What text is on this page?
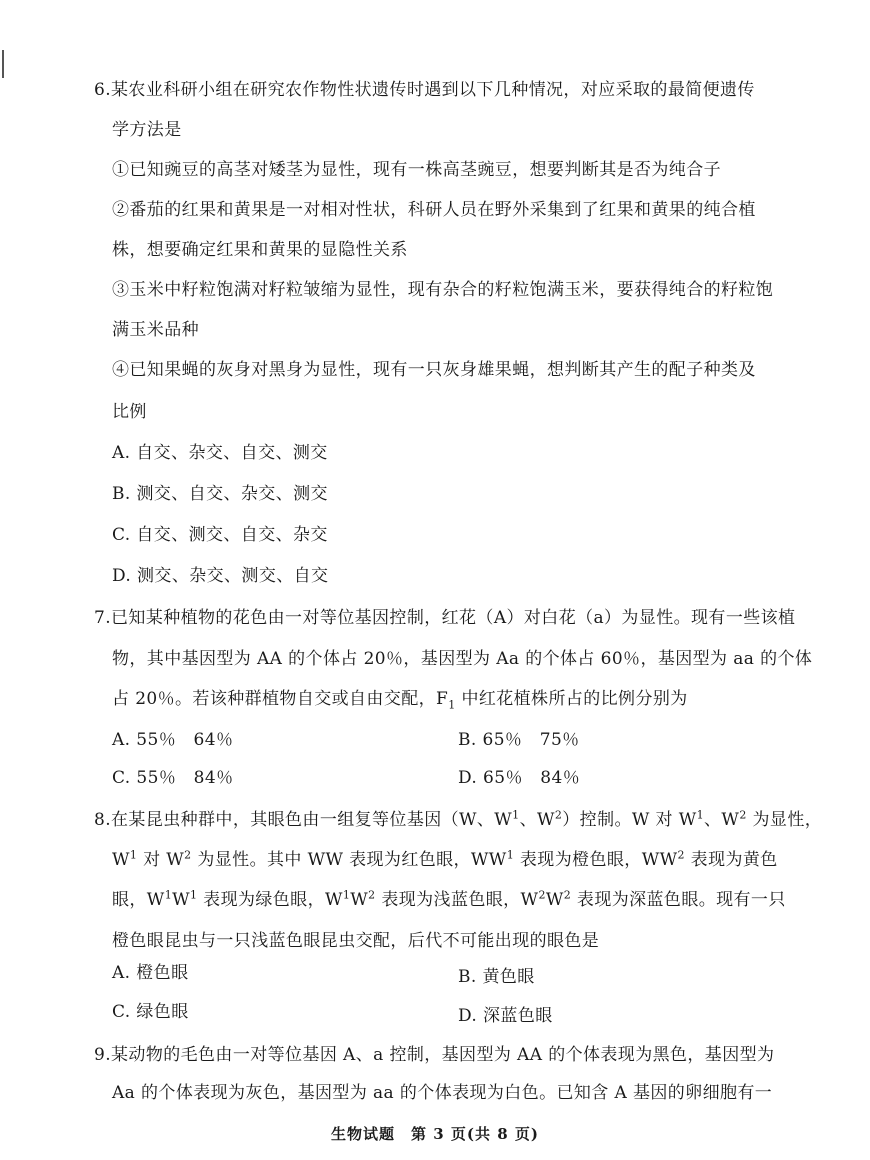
6.某农业科研小组在研究农作物性状遗传时遇到以下几种情况，对应采取的最简便遗传
学方法是
①已知豌豆的高茎对矮茎为显性，现有一株高茎豌豆，想要判断其是否为纯合子
②番茄的红果和黄果是一对相对性状，科研人员在野外采集到了红果和黄果的纯合植
株，想要确定红果和黄果的显隐性关系
③玉米中籽粒饱满对籽粒皱缩为显性，现有杂合的籽粒饱满玉米，要获得纯合的籽粒饱
满玉米品种
④已知果蝇的灰身对黑身为显性，现有一只灰身雄果蝇，想判断其产生的配子种类及
比例
A. 自交、杂交、自交、测交
B. 测交、自交、杂交、测交
C. 自交、测交、自交、杂交
D. 测交、杂交、测交、自交
7.已知某种植物的花色由一对等位基因控制，红花（A）对白花（a）为显性。现有一些该植
物，其中基因型为 AA 的个体占 20％，基因型为 Aa 的个体占 60％，基因型为 aa 的个体
占 20％。若该种群植物自交或自由交配，$F_1$ 中红花植株所占的比例分别为
A. 55％　64％	B. 65％　75％
C. 55％　84％	D. 65％　84％
8.在某昆虫种群中，其眼色由一组复等位基因（W、$W^1$、$W^2$）控制。W 对 $W^1$、$W^2$ 为显性，
$W^1$ 对 $W^2$ 为显性。其中 WW 表现为红色眼，$WW^1$ 表现为橙色眼，$WW^2$ 表现为黄色
眼，$W^1W^1$ 表现为绿色眼，$W^1W^2$ 表现为浅蓝色眼，$W^2W^2$ 表现为深蓝色眼。现有一只
橙色眼昆虫与一只浅蓝色眼昆虫交配，后代不可能出现的眼色是
A. 橙色眼	B. 黄色眼
C. 绿色眼	D. 深蓝色眼
9.某动物的毛色由一对等位基因 A、a 控制，基因型为 AA 的个体表现为黑色，基因型为
Aa 的个体表现为灰色，基因型为 aa 的个体表现为白色。已知含 A 基因的卵细胞有一
生物试题　第 3 页(共 8 页)
